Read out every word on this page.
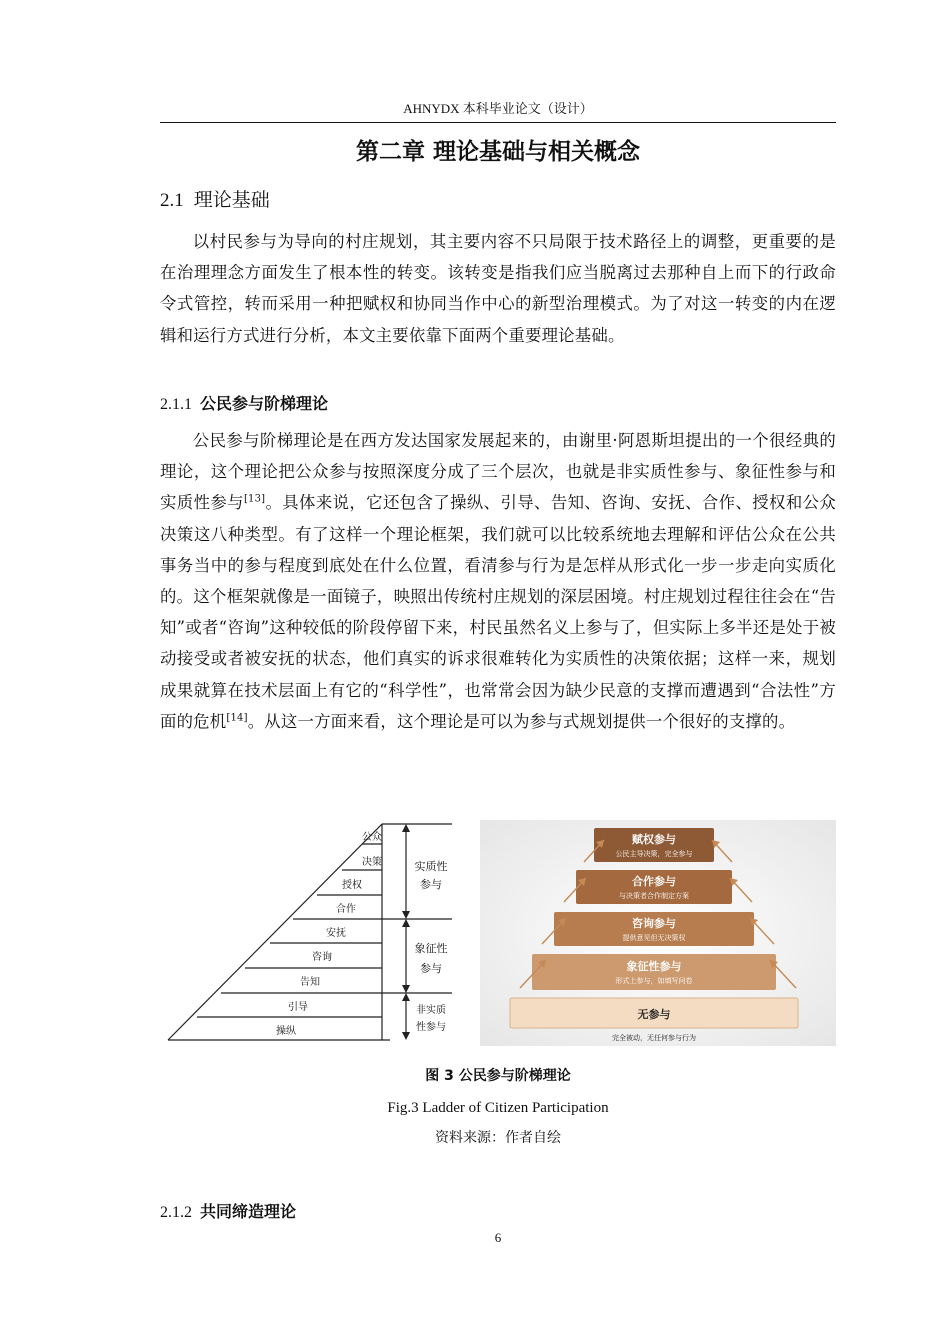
AHNYDX 本科毕业论文（设计）
第二章 理论基础与相关概念
2.1 理论基础

以村民参与为导向的村庄规划，其主要内容不只局限于技术路径上的调整，更重要的是在治理理念方面发生了根本性的转变。该转变是指我们应当脱离过去那种自上而下的行政命令式管控，转而采用一种把赋权和协同当作中心的新型治理模式。为了对这一转变的内在逻辑和运行方式进行分析，本文主要依靠下面两个重要理论基础。

2.1.1 公民参与阶梯理论

公民参与阶梯理论是在西方发达国家发展起来的，由谢里·阿恩斯坦提出的一个很经典的理论，这个理论把公众参与按照深度分成了三个层次，也就是非实质性参与、象征性参与和实质性参与[13]。具体来说，它还包含了操纵、引导、告知、咨询、安抚、合作、授权和公众决策这八种类型。有了这样一个理论框架，我们就可以比较系统地去理解和评估公众在公共事务当中的参与程度到底处在什么位置，看清参与行为是怎样从形式化一步一步走向实质化的。这个框架就像是一面镜子，映照出传统村庄规划的深层困境。村庄规划过程往往会在“告知”或者“咨询”这种较低的阶段停留下来，村民虽然名义上参与了，但实际上多半还是处于被动接受或者被安抚的状态，他们真实的诉求很难转化为实质性的决策依据；这样一来，规划成果就算在技术层面上有它的“科学性”，也常常会因为缺少民意的支撑而遭遇到“合法性”方面的危机[14]。从这一方面来看，这个理论是可以为参与式规划提供一个很好的支撑的。

公众
决策
授权
合作
安抚
咨询
告知
引导
操纵
实质性
参与
象征性
参与
非实质
性参与
赋权参与
公民主导决策，完全参与
合作参与
与决策者合作制定方案
咨询参与
提供意见但无决策权
象征性参与
形式上参与，如填写问卷
无参与
完全被动，无任何参与行为
图 3 公民参与阶梯理论
Fig.3 Ladder of Citizen Participation
资料来源：作者自绘
2.1.2 共同缔造理论
6
